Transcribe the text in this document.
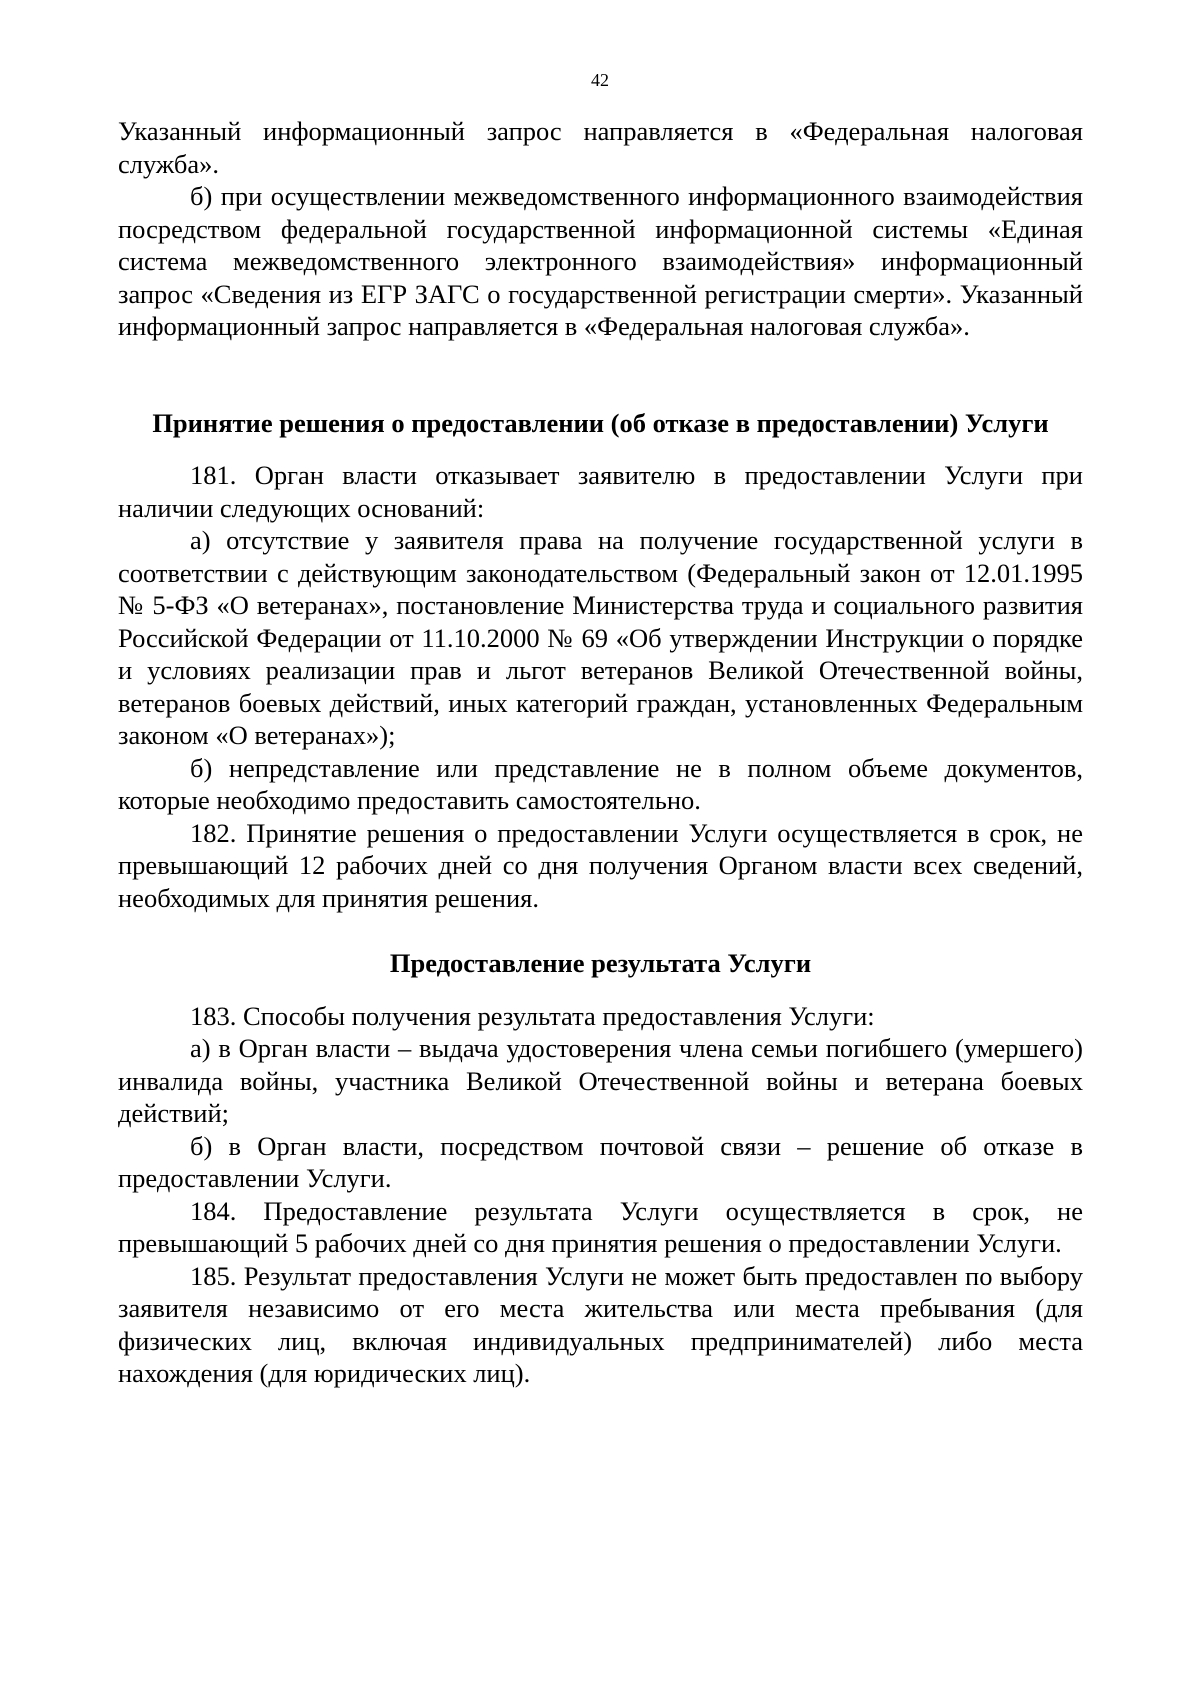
42

Указанный информационный запрос направляется в «Федеральная налоговая служба».

б) при осуществлении межведомственного информационного взаимодействия посредством федеральной государственной информационной системы «Единая система межведомственного электронного взаимодействия» информационный запрос «Сведения из ЕГР ЗАГС о государственной регистрации смерти». Указанный информационный запрос направляется в «Федеральная налоговая служба».

Принятие решения о предоставлении (об отказе в предоставлении) Услуги

181. Орган власти отказывает заявителю в предоставлении Услуги при наличии следующих оснований:

а) отсутствие у заявителя права на получение государственной услуги в соответствии с действующим законодательством (Федеральный закон от 12.01.1995 № 5-ФЗ «О ветеранах», постановление Министерства труда и социального развития Российской Федерации от 11.10.2000 № 69 «Об утверждении Инструкции о порядке и условиях реализации прав и льгот ветеранов Великой Отечественной войны, ветеранов боевых действий, иных категорий граждан, установленных Федеральным законом «О ветеранах»);

б) непредставление или представление не в полном объеме документов, которые необходимо предоставить самостоятельно.

182. Принятие решения о предоставлении Услуги осуществляется в срок, не превышающий 12 рабочих дней со дня получения Органом власти всех сведений, необходимых для принятия решения.

Предоставление результата Услуги

183. Способы получения результата предоставления Услуги:

а) в Орган власти – выдача удостоверения члена семьи погибшего (умершего) инвалида войны, участника Великой Отечественной войны и ветерана боевых действий;

б) в Орган власти, посредством почтовой связи – решение об отказе в предоставлении Услуги.

184. Предоставление результата Услуги осуществляется в срок, не превышающий 5 рабочих дней со дня принятия решения о предоставлении Услуги.

185. Результат предоставления Услуги не может быть предоставлен по выбору заявителя независимо от его места жительства или места пребывания (для физических лиц, включая индивидуальных предпринимателей) либо места нахождения (для юридических лиц).
